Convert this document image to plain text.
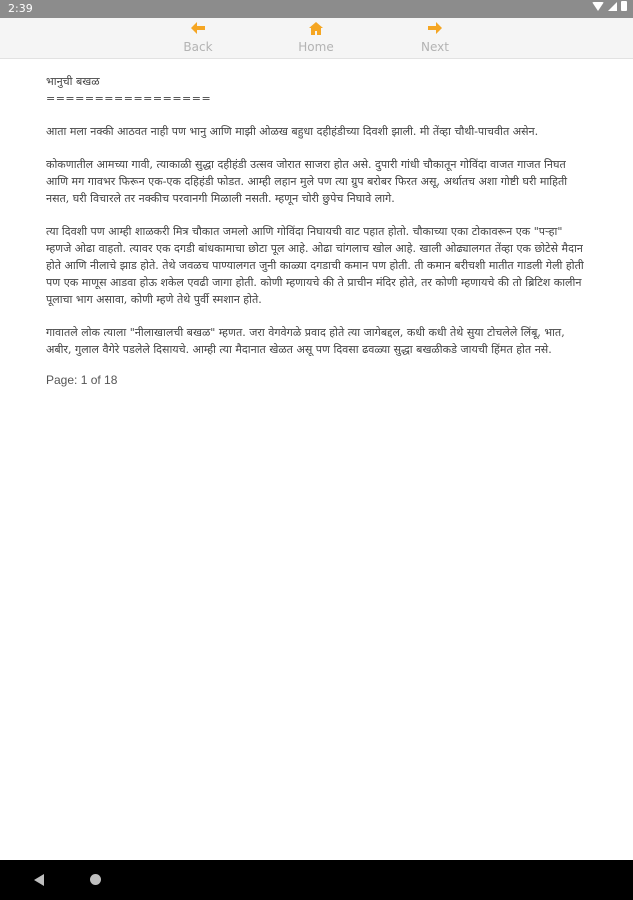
2:39
Back	Home	Next
भानुची बखळ
=================

आता मला नक्की आठवत नाही पण भानु आणि माझी ओळख बहुधा दहीहंडीच्या दिवशी झाली. मी तेंव्हा चौथी-पाचवीत असेन.

कोकणातील आमच्या गावी, त्याकाळी सुद्धा दहीहंडी उत्सव जोरात साजरा होत असे. दुपारी गांधी चौकातून गोविंदा वाजत गाजत निघत आणि मग गावभर फिरून एक-एक दहिहंडी फोडत. आम्ही लहान मुले पण त्या ग्रुप बरोबर फिरत असू, अर्थातच अशा गोष्टी घरी माहिती नसत, घरी विचारले तर नक्कीच परवानगी मिळाली नसती. म्हणून चोरी छुपेच निघावे लागे.

त्या दिवशी पण आम्ही शाळकरी मित्र चौकात जमलो आणि गोविंदा निघायची वाट पहात होतो. चौकाच्या एका टोकावरून एक "पऱ्हा" म्हणजे ओढा वाहतो. त्यावर एक दगडी बांधकामाचा छोटा पूल आहे. ओढा चांगलाच खोल आहे. खाली ओढ्यालगत तेंव्हा एक छोटेसे मैदान होते आणि नीलाचे झाड होते. तेथे जवळच पाण्यालगत जुनी काळ्या दगडाची कमान पण होती. ती कमान बरीचशी मातीत गाडली गेली होती पण एक माणूस आडवा होऊ शकेल एवढी जागा होती. कोणी म्हणायचे की ते प्राचीन मंदिर होते, तर कोणी म्हणायचे की तो ब्रिटिश कालीन पूलाचा भाग असावा, कोणी म्हणे तेथे पुर्वी स्मशान होते.

गावातले लोक त्याला "नीलाखालची बखळ" म्हणत. जरा वेगवेगळे प्रवाद होते त्या जागेबद्दल, कधी कधी तेथे सुया टोचलेले लिंबू, भात, अबीर, गुलाल वैगेरे पडलेले दिसायचे. आम्ही त्या मैदानात खेळत असू पण दिवसा ढवळ्या सुद्धा बखळीकडे जायची हिंमत होत नसे.

Page: 1 of 18
